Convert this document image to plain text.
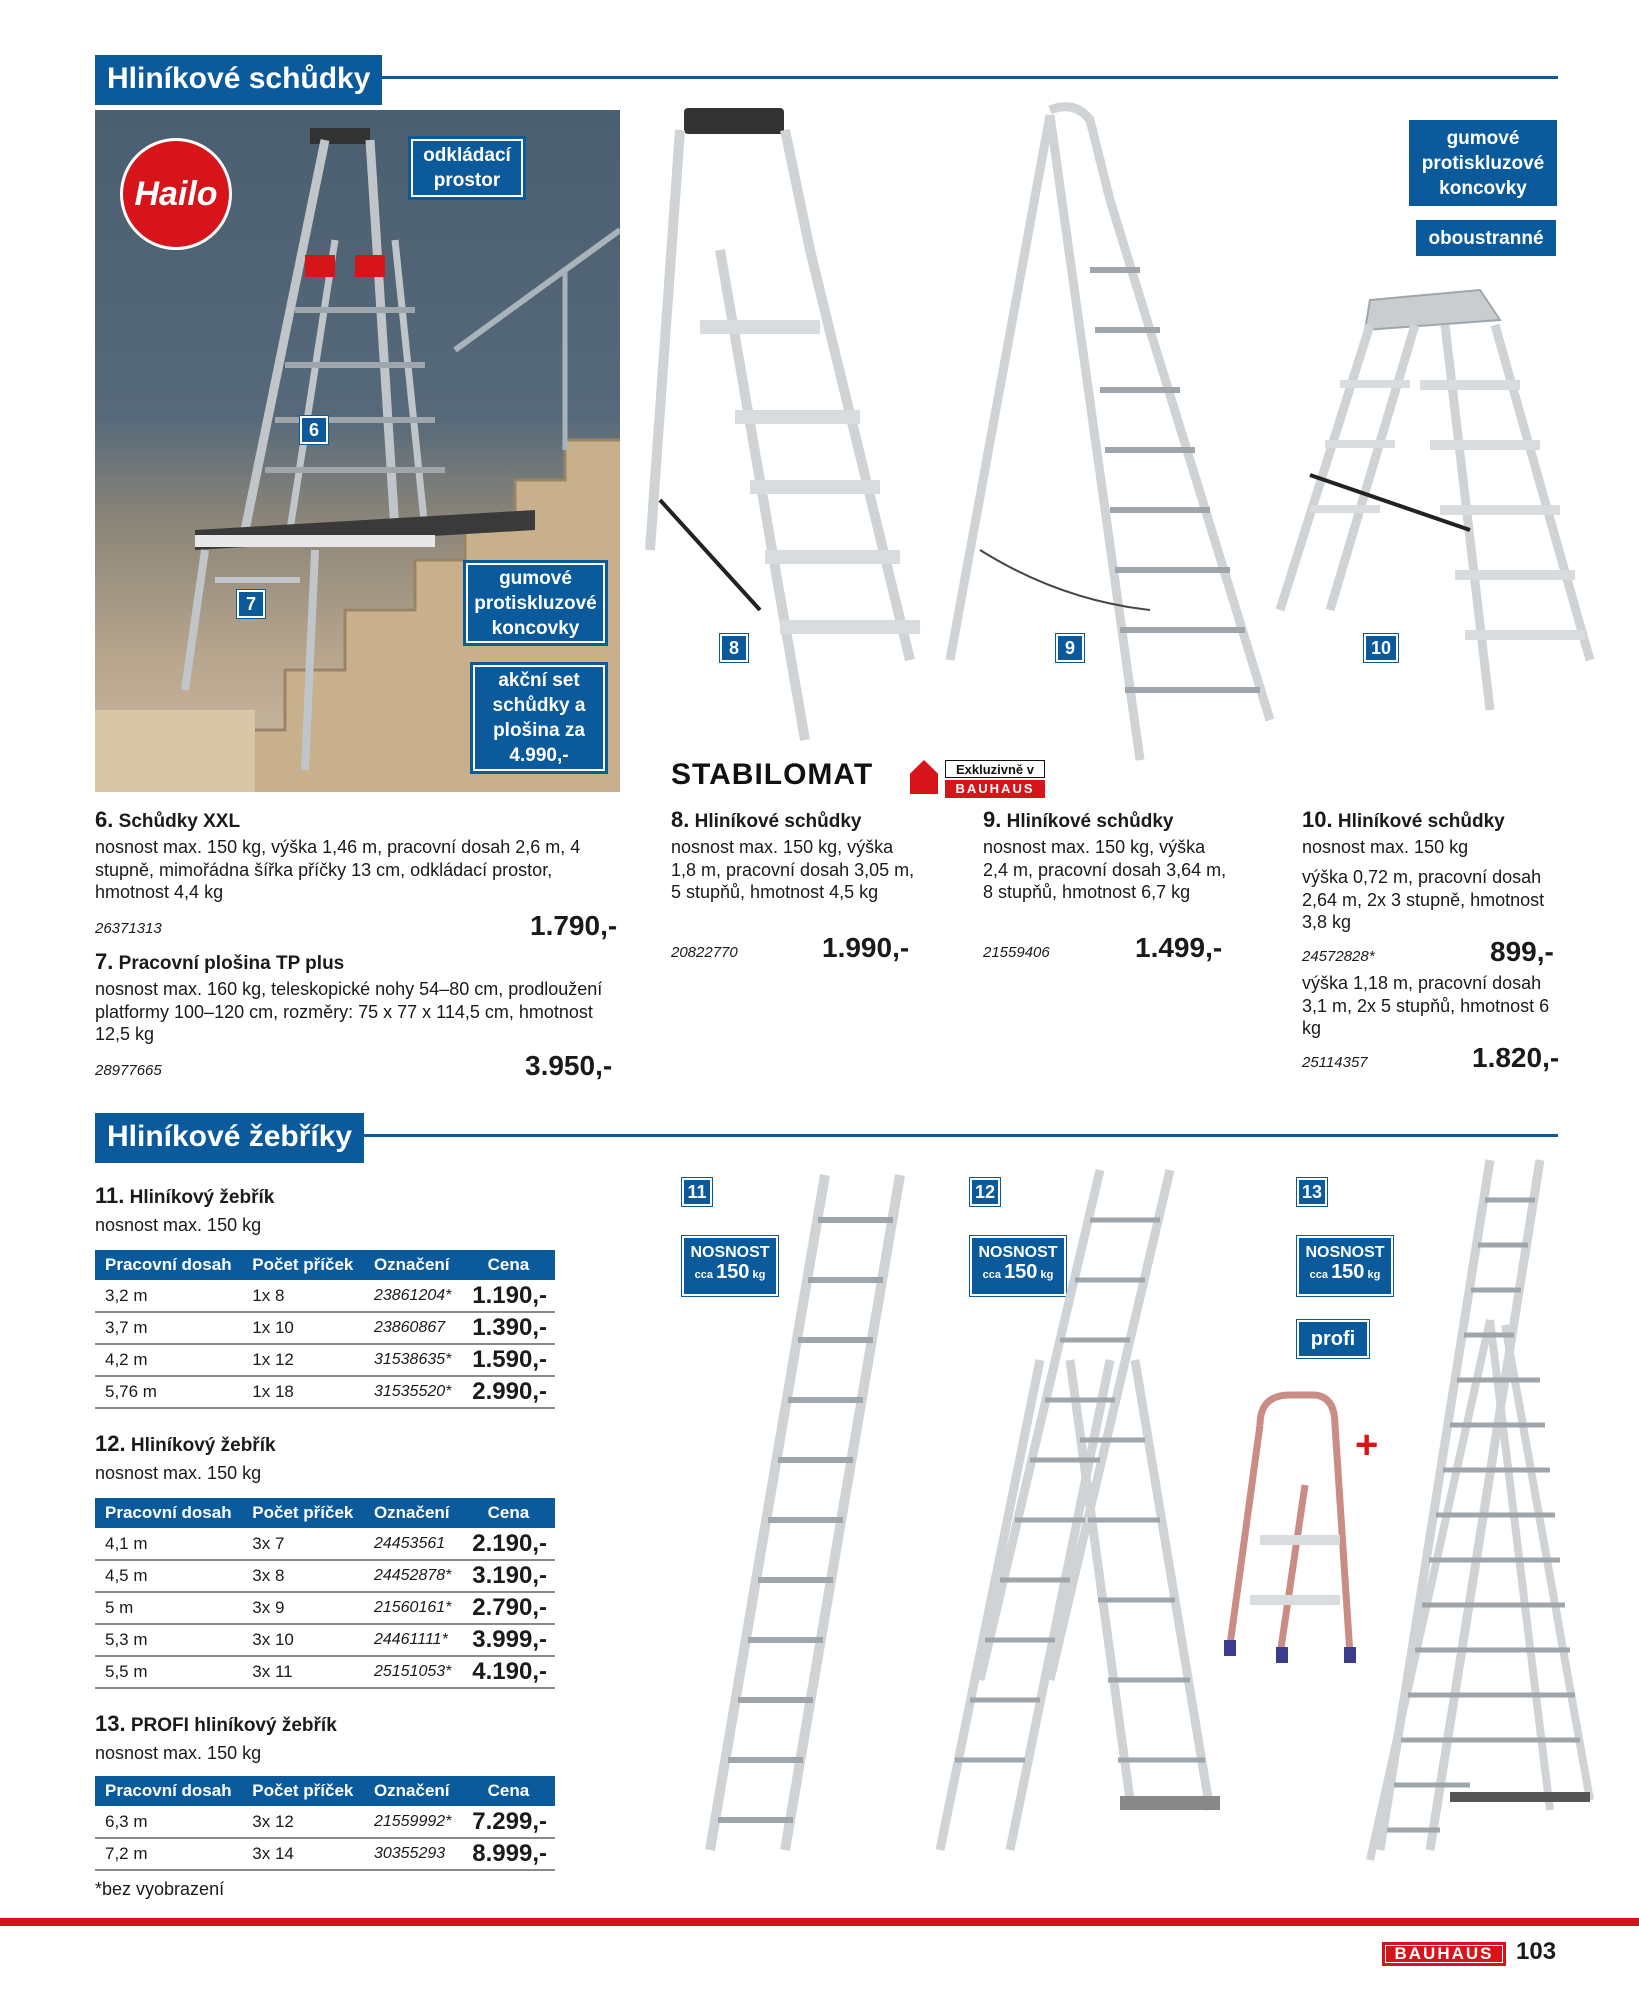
Hliníkové schůdky
Hailo
odkládací prostor
6
7
gumové protiskluzové koncovky
akční set schůdky a plošina za 4.990,-
8	9
gumové protiskluzové koncovky
oboustranné
10
STABILOMAT	Exkluzivně v
BAUHAUS
6. Schůdky XXL
nosnost max. 150 kg, výška 1,46 m, pracovní dosah 2,6 m, 4 stupně, mimořádna šířka příčky 13 cm, odkládací prostor, hmotnost 4,4 kg
26371313	1.790,-
7. Pracovní plošina TP plus
nosnost max. 160 kg, teleskopické nohy 54–80 cm, prodloužení platformy 100–120 cm, rozměry: 75 x 77 x 114,5 cm, hmotnost 12,5 kg
28977665	3.950,-
8. Hliníkové schůdky
nosnost max. 150 kg, výška 1,8 m, pracovní dosah 3,05 m, 5 stupňů, hmotnost 4,5 kg
20822770	1.990,-
9. Hliníkové schůdky
nosnost max. 150 kg, výška 2,4 m, pracovní dosah 3,64 m, 8 stupňů, hmotnost 6,7 kg
21559406	1.499,-
10. Hliníkové schůdky
nosnost max. 150 kg
výška 0,72 m, pracovní dosah 2,64 m, 2x 3 stupně, hmotnost 3,8 kg
24572828*	899,-
výška 1,18 m, pracovní dosah 3,1 m, 2x 5 stupňů, hmotnost 6 kg
25114357	1.820,-
Hliníkové žebříky
11. Hliníkový žebřík
nosnost max. 150 kg
Pracovní dosah	Počet příček	Označení	Cena
3,2 m	1x 8	23861204*	1.190,-
3,7 m	1x 10	23860867	1.390,-
4,2 m	1x 12	31538635*	1.590,-
5,76 m	1x 18	31535520*	2.990,-
12. Hliníkový žebřík
nosnost max. 150 kg
Pracovní dosah	Počet příček	Označení	Cena
4,1 m	3x 7	24453561	2.190,-
4,5 m	3x 8	24452878*	3.190,-
5 m	3x 9	21560161*	2.790,-
5,3 m	3x 10	24461111*	3.999,-
5,5 m	3x 11	25151053*	4.190,-
13. PROFI hliníkový žebřík
nosnost max. 150 kg
Pracovní dosah	Počet příček	Označení	Cena
6,3 m	3x 12	21559992*	7.299,-
7,2 m	3x 14	30355293	8.999,-
*bez vyobrazení
11
NOSNOST
cca 150 kg
12
NOSNOST
cca 150 kg
13
NOSNOST
cca 150 kg
profi
+
BAUHAUS 103
